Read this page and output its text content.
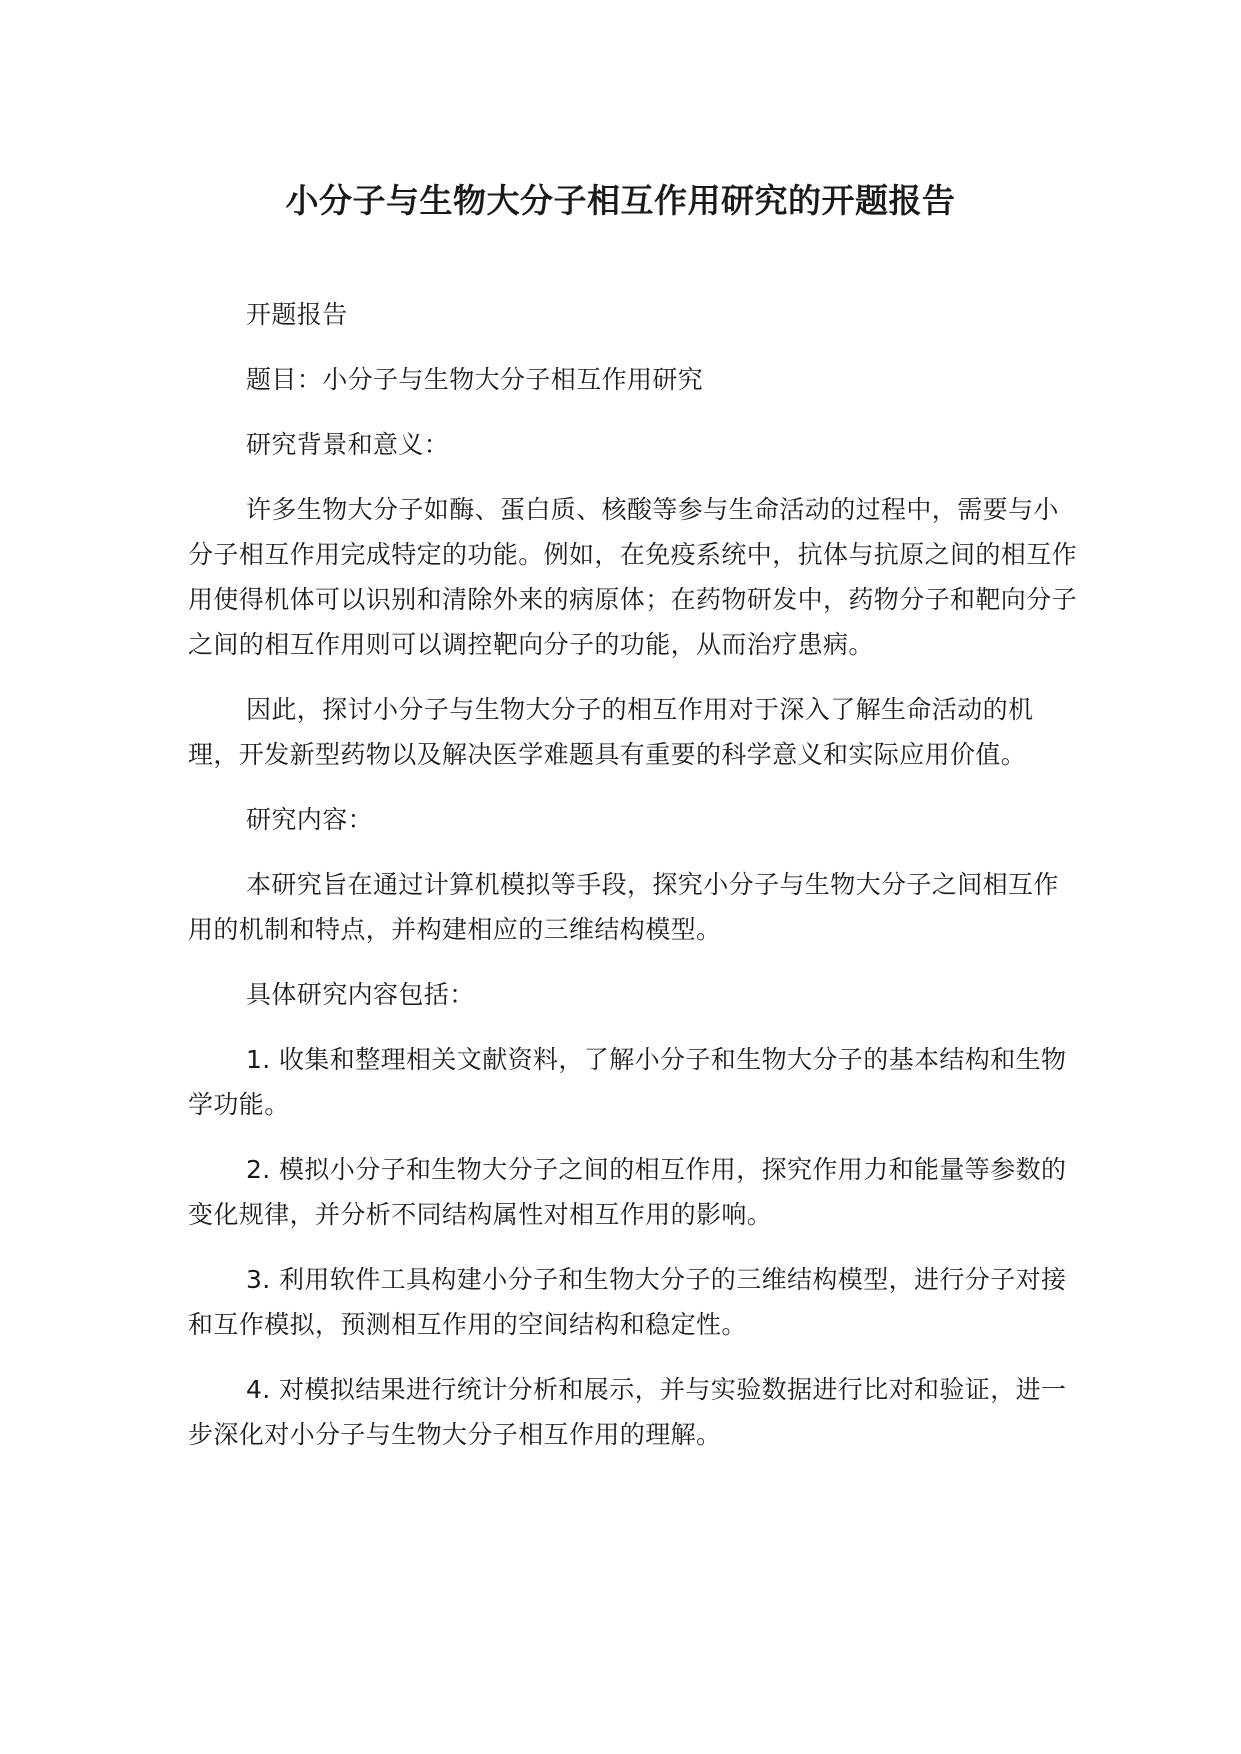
小分子与生物大分子相互作用研究的开题报告

开题报告

题目：小分子与生物大分子相互作用研究

研究背景和意义：

许多生物大分子如酶、蛋白质、核酸等参与生命活动的过程中，需要与小分子相互作用完成特定的功能。例如，在免疫系统中，抗体与抗原之间的相互作用使得机体可以识别和清除外来的病原体；在药物研发中，药物分子和靶向分子之间的相互作用则可以调控靶向分子的功能，从而治疗患病。

因此，探讨小分子与生物大分子的相互作用对于深入了解生命活动的机理，开发新型药物以及解决医学难题具有重要的科学意义和实际应用价值。

研究内容：

本研究旨在通过计算机模拟等手段，探究小分子与生物大分子之间相互作用的机制和特点，并构建相应的三维结构模型。

具体研究内容包括：

1. 收集和整理相关文献资料，了解小分子和生物大分子的基本结构和生物学功能。

2. 模拟小分子和生物大分子之间的相互作用，探究作用力和能量等参数的变化规律，并分析不同结构属性对相互作用的影响。

3. 利用软件工具构建小分子和生物大分子的三维结构模型，进行分子对接和互作模拟，预测相互作用的空间结构和稳定性。

4. 对模拟结果进行统计分析和展示，并与实验数据进行比对和验证，进一步深化对小分子与生物大分子相互作用的理解。
